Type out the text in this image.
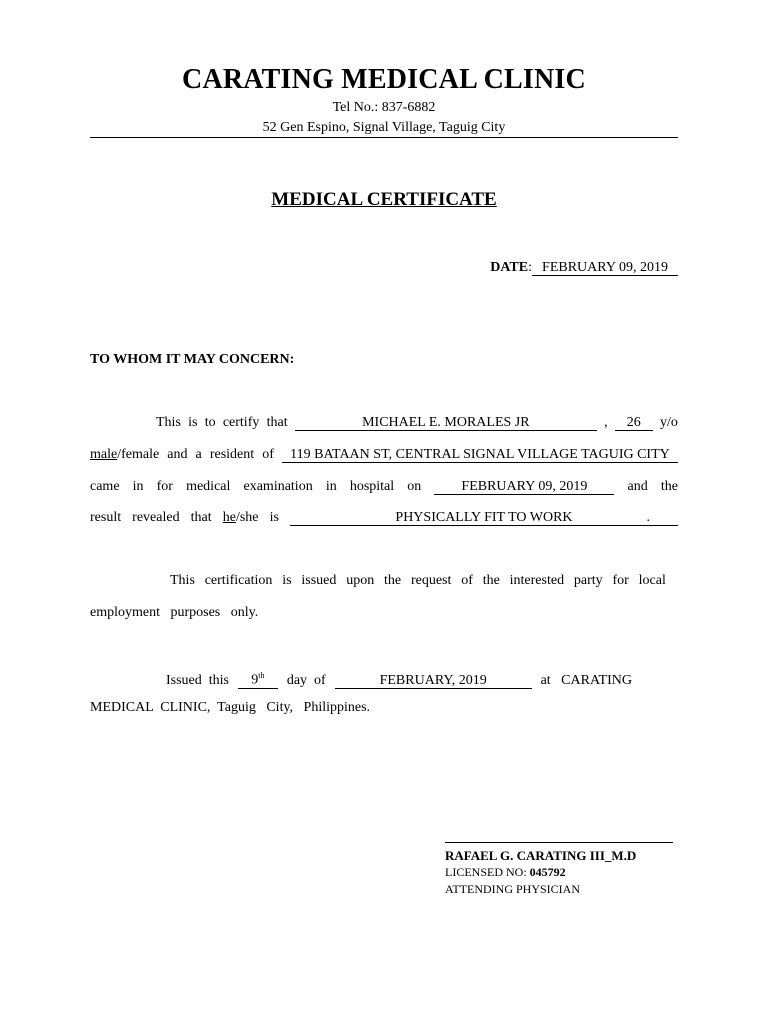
CARATING MEDICAL CLINIC
Tel No.: 837-6882
52 Gen Espino, Signal Village, Taguig City
MEDICAL CERTIFICATE
DATE: FEBRUARY 09, 2019
TO WHOM IT MAY CONCERN:
This is to certify that	MICHAEL E. MORALES JR	,	26	y/o
male/female and a resident of	119 BATAAN ST, CENTRAL SIGNAL VILLAGE TAGUIG CITY
came in for medical examination in hospital on	FEBRUARY 09, 2019	and the
result revealed that he/she is	PHYSICALLY FIT TO WORK	.
This certification is issued upon the request of the interested party for local
employment   purposes   only.
Issued  this	9th	day  of	FEBRUARY, 2019	at   CARATING
MEDICAL  CLINIC,  Taguig   City,   Philippines.
RAFAEL G. CARATING III_M.D
LICENSED NO: 045792
ATTENDING PHYSICIAN
